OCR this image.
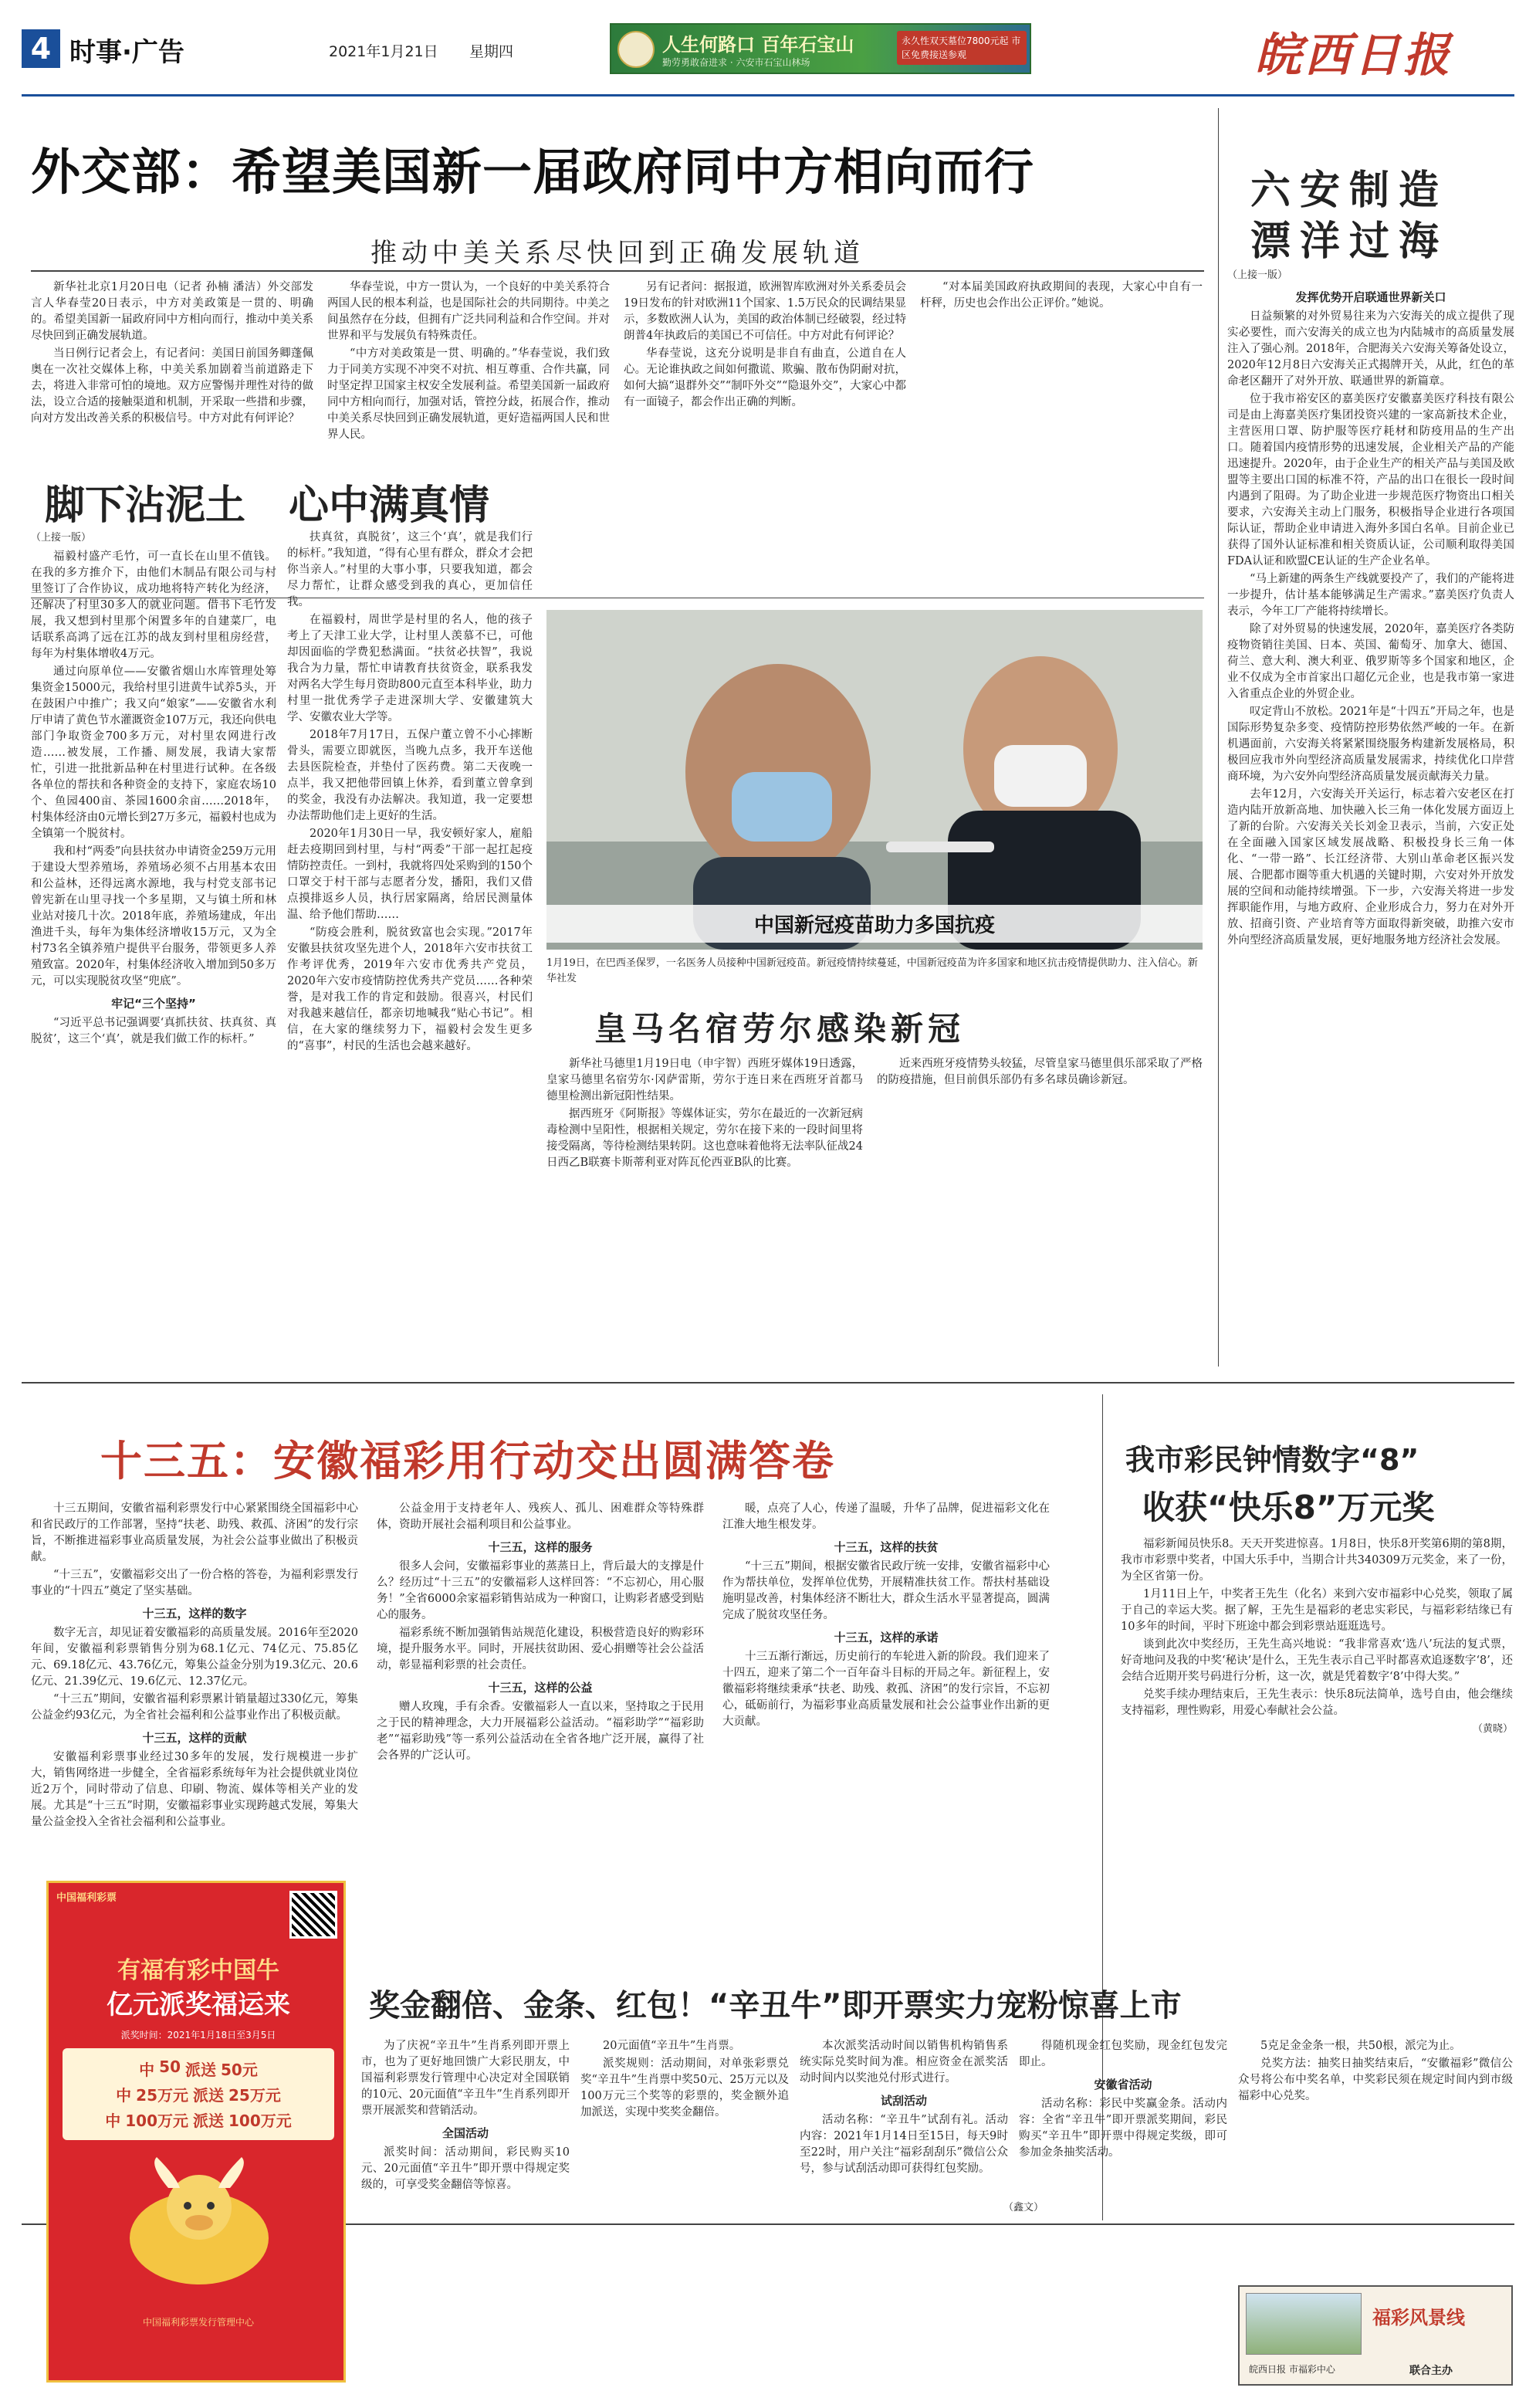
4 时事·广告	2021年1月21日 星期四	人生何路口 百年石宝山
勤劳勇敢奋进求 · 六安市石宝山林场
永久性双天墓位7800元起 市区免费接送参观	皖西日报
外交部：希望美国新一届政府同中方相向而行
推动中美关系尽快回到正确发展轨道

新华社北京1月20日电（记者 孙楠 潘洁）外交部发言人华春莹20日表示，中方对美政策是一贯的、明确的。希望美国新一届政府同中方相向而行，推动中美关系尽快回到正确发展轨道。

当日例行记者会上，有记者问：美国日前国务卿蓬佩奥在一次社交媒体上称，中美关系加剧着当前道路走下去，将进入非常可怕的境地。双方应警惕并理性对待的做法，设立合适的接触渠道和机制，开采取一些措和步骤，向对方发出改善关系的积极信号。中方对此有何评论？

华春莹说，中方一贯认为，一个良好的中美关系符合两国人民的根本利益，也是国际社会的共同期待。中美之间虽然存在分歧，但拥有广泛共同利益和合作空间。并对世界和平与发展负有特殊责任。

“中方对美政策是一贯、明确的。”华春莹说，我们致力于同美方实现不冲突不对抗、相互尊重、合作共赢，同时坚定捍卫国家主权安全发展利益。希望美国新一届政府同中方相向而行，加强对话，管控分歧，拓展合作，推动中美关系尽快回到正确发展轨道，更好造福两国人民和世界人民。

另有记者问：据报道，欧洲智库欧洲对外关系委员会19日发布的针对欧洲11个国家、1.5万民众的民调结果显示，多数欧洲人认为，美国的政治体制已经破裂，经过特朗普4年执政后的美国已不可信任。中方对此有何评论？

华春莹说，这充分说明是非自有曲直，公道自在人心。无论谁执政之间如何撒谎、欺骗、散布伪阴耐对抗，如何大搞“退群外交”“制吓外交”“隐退外交”，大家心中都有一面镜子，都会作出正确的判断。

“对本届美国政府执政期间的表现，大家心中自有一杆秤，历史也会作出公正评价。”她说。

六安制造
漂洋过海

（上接一版）

发挥优势开启联通世界新关口

日益频繁的对外贸易往来为六安海关的成立提供了现实必要性，而六安海关的成立也为内陆城市的高质量发展注入了强心剂。2018年，合肥海关六安海关筹备处设立，2020年12月8日六安海关正式揭牌开关，从此，红色的革命老区翻开了对外开放、联通世界的新篇章。

位于我市裕安区的嘉美医疗安徽嘉美医疗科技有限公司是由上海嘉美医疗集团投资兴建的一家高新技术企业，主营医用口罩、防护服等医疗耗材和防疫用品的生产出口。随着国内疫情形势的迅速发展，企业相关产品的产能迅速提升。2020年，由于企业生产的相关产品与美国及欧盟等主要出口国的标准不符，产品的出口在很长一段时间内遇到了阻碍。为了助企业进一步规范医疗物资出口相关要求，六安海关主动上门服务，积极指导企业进行各项国际认证，帮助企业申请进入海外多国白名单。目前企业已获得了国外认证标准和相关资质认证，公司顺利取得美国FDA认证和欧盟CE认证的生产企业名单。

“马上新建的两条生产线就要投产了，我们的产能将进一步提升，估计基本能够满足生产需求。”嘉美医疗负责人表示，今年工厂产能将持续增长。

除了对外贸易的快速发展，2020年，嘉美医疗各类防疫物资销往美国、日本、英国、葡萄牙、加拿大、德国、荷兰、意大利、澳大利亚、俄罗斯等多个国家和地区，企业不仅成为全市首家出口超亿元企业，也是我市第一家进入省重点企业的外贸企业。

叹定背山不放松。2021年是“十四五”开局之年，也是国际形势复杂多变、疫情防控形势依然严峻的一年。在新机遇面前，六安海关将紧紧围绕服务构建新发展格局，积极回应我市外向型经济高质量发展需求，持续优化口岸营商环境，为六安外向型经济高质量发展贡献海关力量。

去年12月，六安海关开关运行，标志着六安老区在打造内陆开放新高地、加快融入长三角一体化发展方面迈上了新的台阶。六安海关关长刘金卫表示，当前，六安正处在全面融入国家区域发展战略、积极投身长三角一体化、“一带一路”、长江经济带、大别山革命老区振兴发展、合肥都市圈等重大机遇的关键时期，六安对外开放发展的空间和动能持续增强。下一步，六安海关将进一步发挥职能作用，与地方政府、企业形成合力，努力在对外开放、招商引资、产业培育等方面取得新突破，助推六安市外向型经济高质量发展，更好地服务地方经济社会发展。

脚下沾泥土 心中满真情

（上接一版）

福毅村盛产毛竹，可一直长在山里不值钱。在我的多方推介下，由他们木制品有限公司与村里签订了合作协议，成功地将特产转化为经济，还解决了村里30多人的就业问题。借书下毛竹发展，我又想到村里那个闲置多年的自建菜厂，电话联系高鸿了远在江苏的战友到村里租房经营，每年为村集体增收4万元。

通过向原单位——安徽省烟山水库管理处筹集资金15000元，我给村里引进黄牛试养5头，开在鼓困户中推广；我又向“娘家”——安徽省水利厅申请了黄色节水灌溉资金107万元，我还向供电部门争取资金700多万元，对村里农网进行改造……被发展，工作播、厕发展，我请大家帮忙，引进一批批新品种在村里进行试种。在各级各单位的帮扶和各种资金的支持下，家庭农场10个、鱼园400亩、茶园1600余亩……2018年，村集体经济由0元增长到27万多元，福毅村也成为全镇第一个脱贫村。

我和村“两委”向县扶贫办申请资金259万元用于建设大型养殖场，养殖场必须不占用基本农田和公益林，还得远离水源地，我与村党支部书记曾宪新在山里寻找一个多星期，又与镇土所和林业站对接几十次。2018年底，养殖场建成，年出渔进千头，每年为集体经济增收15万元，又为全村73名全镇养殖户提供平台服务，带领更多人养殖致富。2020年，村集体经济收入增加到50多万元，可以实现脱贫攻坚“兜底”。

牢记“三个坚持”

“习近平总书记强调要‘真抓扶贫、扶真贫、真脱贫’，这三个‘真’，就是我们做工作的标杆。”

扶真贫，真脱贫’，这三个‘真’，就是我们行的标杆。”我知道，“得有心里有群众，群众才会把你当亲人。”村里的大事小事，只要我知道，都会尽力帮忙，让群众感受到我的真心，更加信任我。

在福毅村，周世学是村里的名人，他的孩子考上了天津工业大学，让村里人羡慕不已，可他却因面临的学费犯愁满面。“扶贫必扶智”，我说我合为力量，帮忙申请教育扶贫资金，联系我发对两名大学生每月资助800元直至本科毕业，助力村里一批优秀学子走进深圳大学、安徽建筑大学、安徽农业大学等。

2018年7月17日，五保户董立曾不小心摔断骨头，需要立即就医，当晚九点多，我开车送他去县医院检查，并垫付了医药费。第二天夜晚一点半，我又把他带回镇上休养，看到董立曾拿到的奖金，我没有办法解决。我知道，我一定要想办法帮助他们走上更好的生活。

2020年1月30日一早，我安顿好家人，雇船赶去疫期回到村里，与村“两委”干部一起扛起疫情防控责任。一到村，我就将四处采购到的150个口罩交于村干部与志愿者分发，播阳，我们又借点摸排返乡人员，执行居家隔离，给居民测量体温、给予他们帮助……

“防疫会胜利，脱贫致富也会实现。”2017年安徽县扶贫攻坚先进个人，2018年六安市扶贫工作考评优秀，2019年六安市优秀共产党员，2020年六安市疫情防控优秀共产党员……各种荣誉，是对我工作的肯定和鼓励。很喜兴，村民们对我越来越信任，都亲切地喊我“贴心书记”。相信，在大家的继续努力下，福毅村会发生更多的“喜事”，村民的生活也会越来越好。

中国新冠疫苗助力多国抗疫
1月19日，在巴西圣保罗，一名医务人员接种中国新冠疫苗。新冠疫情持续蔓延，中国新冠疫苗为许多国家和地区抗击疫情提供助力、注入信心。新华社发
皇马名宿劳尔感染新冠

新华社马德里1月19日电（申宇智）西班牙媒体19日透露，皇家马德里名宿劳尔·冈萨雷斯，劳尔于连日来在西班牙首都马德里检测出新冠阳性结果。

据西班牙《阿斯报》等媒体证实，劳尔在最近的一次新冠病毒检测中呈阳性，根据相关规定，劳尔在接下来的一段时间里将接受隔离，等待检测结果转阴。这也意味着他将无法率队征战24日西乙B联赛卡斯蒂利亚对阵瓦伦西亚B队的比赛。

近来西班牙疫情势头较猛，尽管皇家马德里俱乐部采取了严格的防疫措施，但目前俱乐部仍有多名球员确诊新冠。

十三五：安徽福彩用行动交出圆满答卷

十三五期间，安徽省福利彩票发行中心紧紧围绕全国福彩中心和省民政厅的工作部署，坚持“扶老、助残、救孤、济困”的发行宗旨，不断推进福彩事业高质量发展，为社会公益事业做出了积极贡献。

“十三五”，安徽福彩交出了一份合格的答卷，为福利彩票发行事业的“十四五”奠定了坚实基础。

十三五，这样的数字

数字无言，却见证着安徽福彩的高质量发展。2016年至2020年间，安徽福利彩票销售分别为68.1亿元、74亿元、75.85亿元、69.18亿元、43.76亿元，筹集公益金分别为19.3亿元、20.6亿元、21.39亿元、19.6亿元、12.37亿元。

“十三五”期间，安徽省福利彩票累计销量超过330亿元，筹集公益金约93亿元，为全省社会福利和公益事业作出了积极贡献。

十三五，这样的贡献

安徽福利彩票事业经过30多年的发展，发行规模进一步扩大，销售网络进一步健全，全省福彩系统每年为社会提供就业岗位近2万个，同时带动了信息、印刷、物流、媒体等相关产业的发展。尤其是“十三五”时期，安徽福彩事业实现跨越式发展，筹集大量公益金投入全省社会福利和公益事业。

公益金用于支持老年人、残疾人、孤儿、困难群众等特殊群体，资助开展社会福利项目和公益事业。

十三五，这样的服务

很多人会问，安徽福彩事业的蒸蒸日上，背后最大的支撑是什么？经历过“十三五”的安徽福彩人这样回答：“不忘初心，用心服务！”全省6000余家福彩销售站成为一种窗口，让购彩者感受到贴心的服务。

福彩系统不断加强销售站规范化建设，积极营造良好的购彩环境，提升服务水平。同时，开展扶贫助困、爱心捐赠等社会公益活动，彰显福利彩票的社会责任。

十三五，这样的公益

赠人玫瑰，手有余香。安徽福彩人一直以来，坚持取之于民用之于民的精神理念，大力开展福彩公益活动。“福彩助学”“福彩助老”“福彩助残”等一系列公益活动在全省各地广泛开展，赢得了社会各界的广泛认可。

暖，点亮了人心，传递了温暖，升华了品牌，促进福彩文化在江淮大地生根发芽。

十三五，这样的扶贫

“十三五”期间，根据安徽省民政厅统一安排，安徽省福彩中心作为帮扶单位，发挥单位优势，开展精准扶贫工作。帮扶村基础设施明显改善，村集体经济不断壮大，群众生活水平显著提高，圆满完成了脱贫攻坚任务。

十三五，这样的承诺

十三五渐行渐远，历史前行的车轮进入新的阶段。我们迎来了十四五，迎来了第二个一百年奋斗目标的开局之年。新征程上，安徽福彩将继续秉承“扶老、助残、救孤、济困”的发行宗旨，不忘初心，砥砺前行，为福彩事业高质量发展和社会公益事业作出新的更大贡献。

（鑫文）
我市彩民钟情数字“8”
收获“快乐8”万元奖

福彩新闻员快乐8。天天开奖进惊喜。1月8日，快乐8开奖第6期的第8期，我市市彩票中奖者，中国大乐手中，当期合计共340309万元奖金，来了一份，为全区省第一份。

1月11日上午，中奖者王先生（化名）来到六安市福彩中心兑奖，领取了属于自己的幸运大奖。据了解，王先生是福彩的老忠实彩民，与福彩彩结缘已有10多年的时间，平时下班途中都会到彩票站逛逛选号。

谈到此次中奖经历，王先生高兴地说：“我非常喜欢‘选八’玩法的复式票，好奇地问及我的中奖‘秘诀’是什么，王先生表示自己平时都喜欢追逐数字‘8’，还会结合近期开奖号码进行分析，这一次，就是凭着数字‘8’中得大奖。”

兑奖手续办理结束后，王先生表示：快乐8玩法简单，选号自由，他会继续支持福彩，理性购彩，用爱心奉献社会公益。

（黄晓）

中国福利彩票
有福有彩中国牛
亿元派奖福运来
派奖时间：2021年1月18日至3月5日
中 50 派送 50元
中 25万元 派送 25万元
中 100万元 派送 100万元
中国福利彩票发行管理中心
奖金翻倍、金条、红包！“辛丑牛”即开票实力宠粉惊喜上市

为了庆祝“辛丑牛”生肖系列即开票上市，也为了更好地回馈广大彩民朋友，中国福利彩票发行管理中心决定对全国联销的10元、20元面值“辛丑牛”生肖系列即开票开展派奖和营销活动。

全国活动

派奖时间：活动期间，彩民购买10元、20元面值“辛丑牛”即开票中得规定奖级的，可享受奖金翻倍等惊喜。

20元面值“辛丑牛”生肖票。

派奖规则：活动期间，对单张彩票兑奖“辛丑牛”生肖票中奖50元、25万元以及100万元三个奖等的彩票的，奖金额外追加派送，实现中奖奖金翻倍。

本次派奖活动时间以销售机构销售系统实际兑奖时间为准。相应资金在派奖活动时间内以奖池兑付形式进行。

试刮活动

活动名称：“辛丑牛”试刮有礼。活动内容：2021年1月14日至15日，每天9时至22时，用户关注“福彩刮刮乐”微信公众号，参与试刮活动即可获得红包奖励。

得随机现金红包奖励，现金红包发完即止。

安徽省活动

活动名称：彩民中奖赢金条。活动内容：全省“辛丑牛”即开票派奖期间，彩民购买“辛丑牛”即开票中得规定奖级，即可参加金条抽奖活动。

5克足金金条一根，共50根，派完为止。

兑奖方法：抽奖日抽奖结束后，“安徽福彩”微信公众号将公布中奖名单，中奖彩民须在规定时间内到市级福彩中心兑奖。

福彩风景线
皖西日报 市福彩中心	联合主办
